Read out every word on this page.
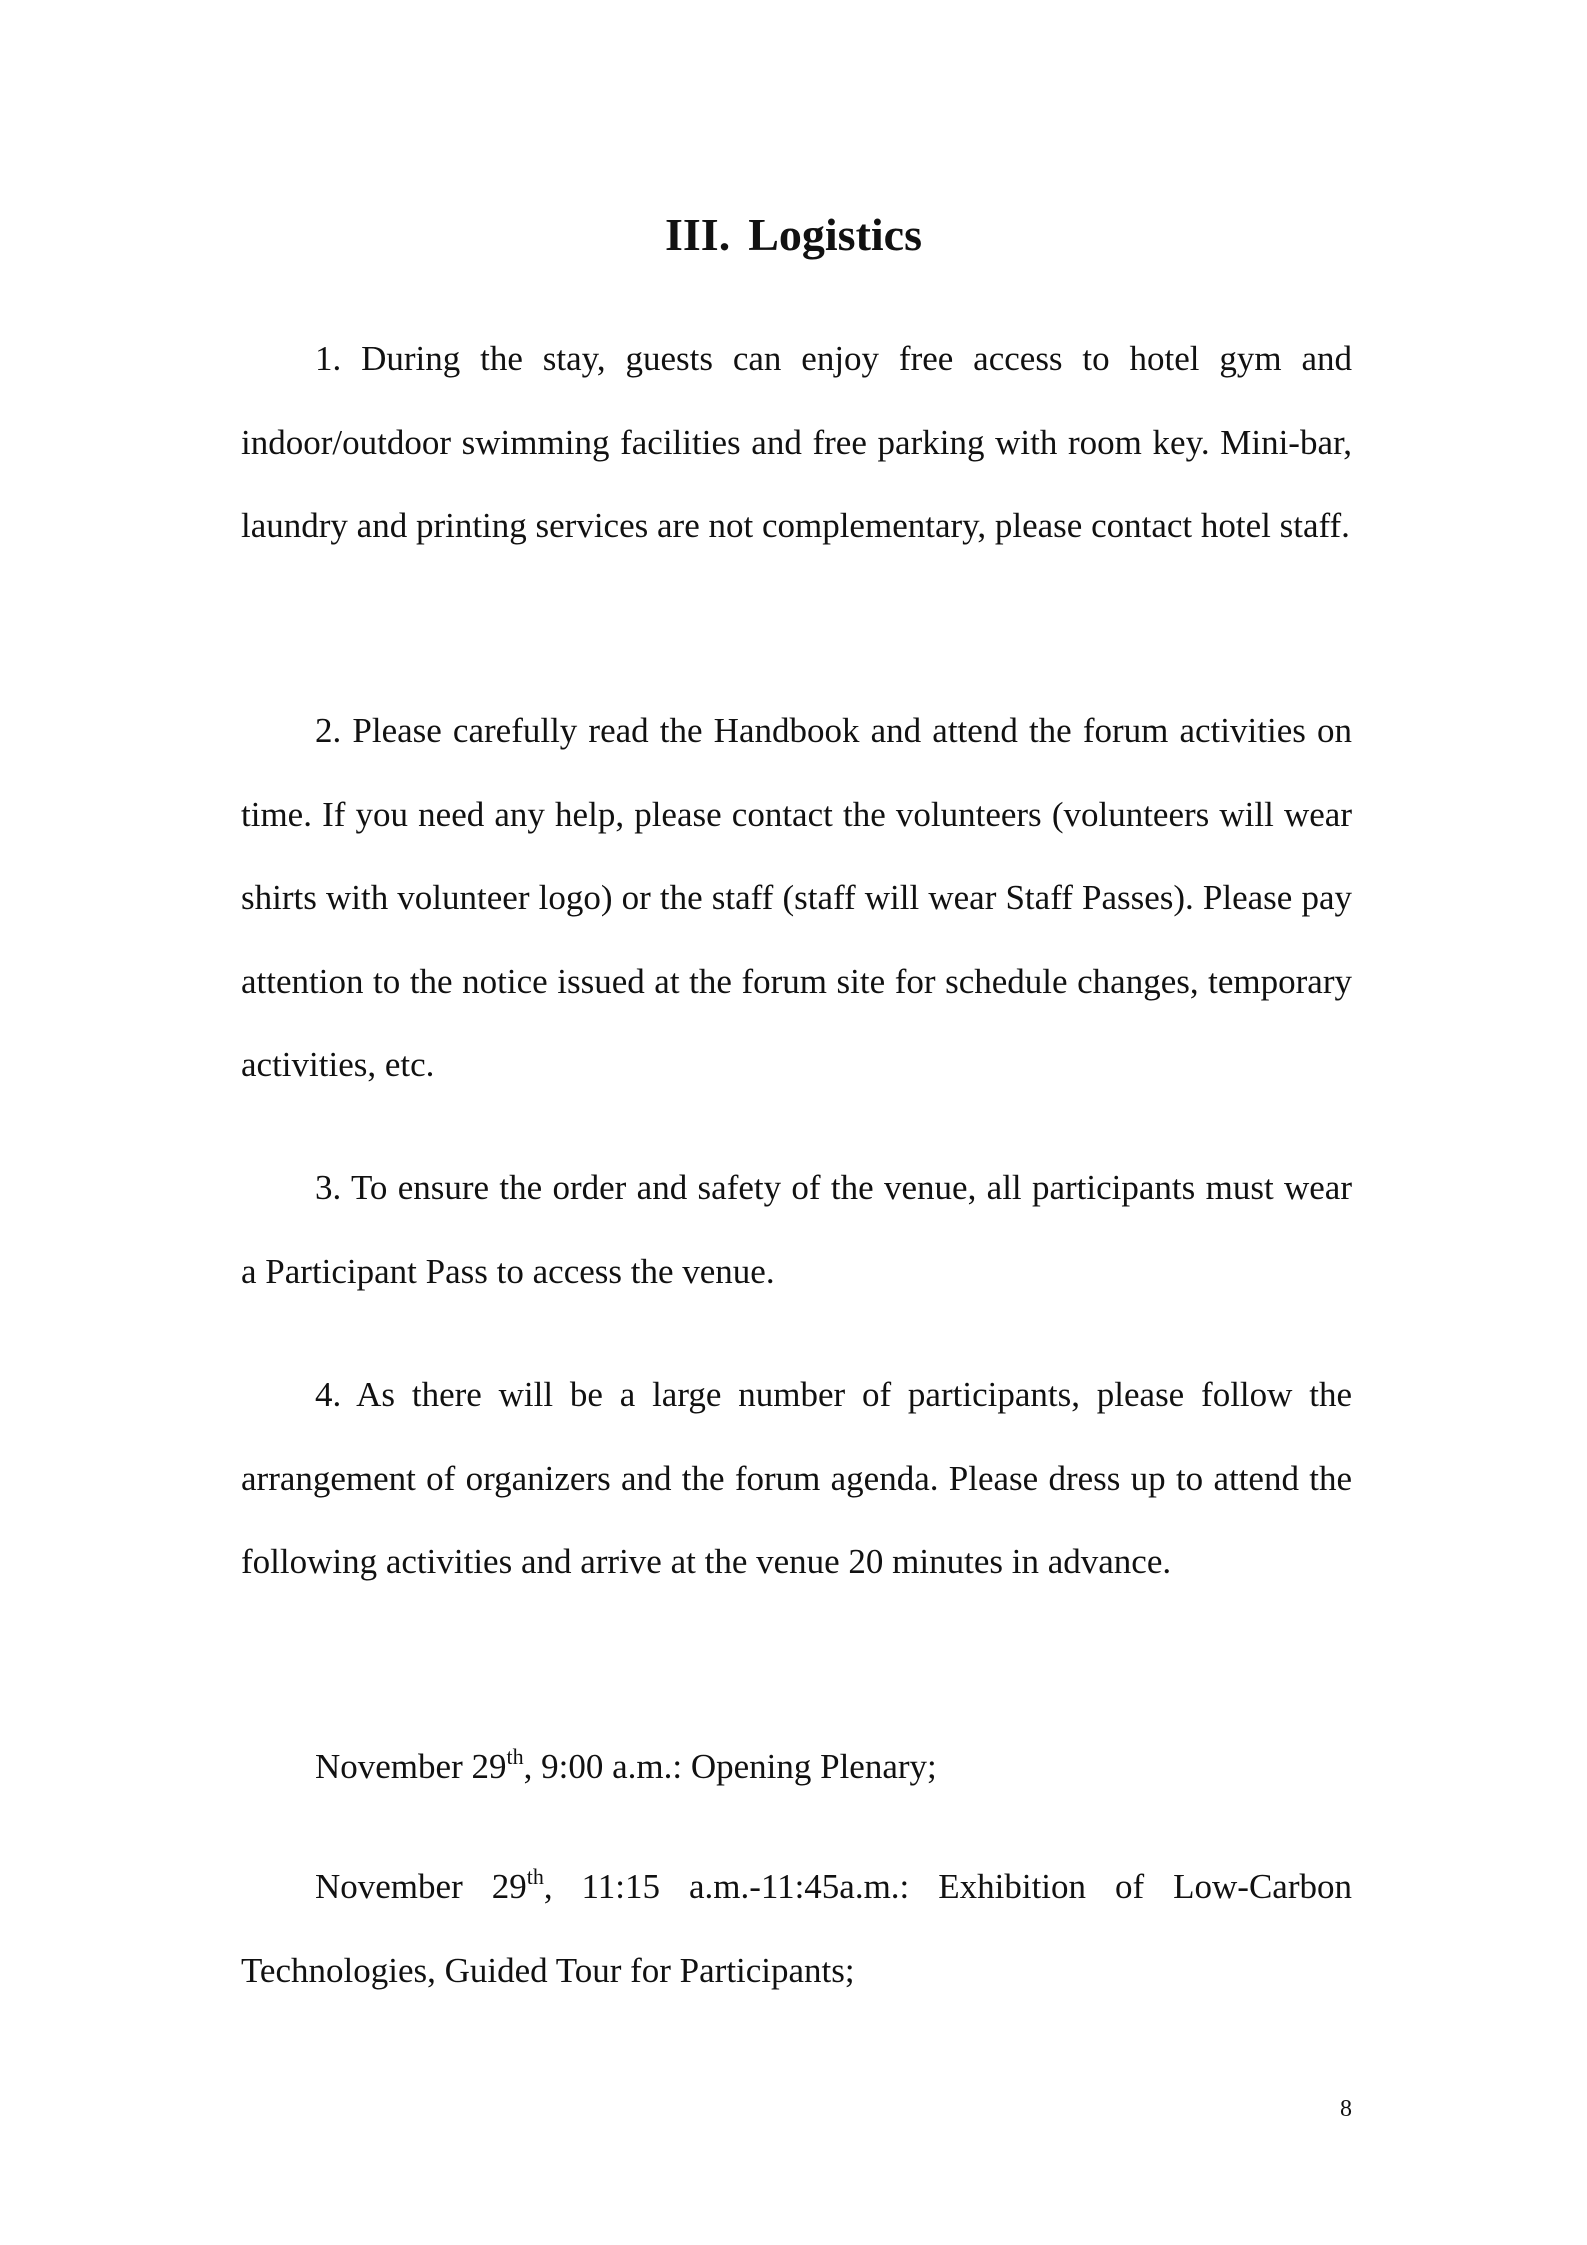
III. Logistics

1. During the stay, guests can enjoy free access to hotel gym and indoor/outdoor swimming facilities and free parking with room key. Mini-bar, laundry and printing services are not complementary, please contact hotel staff.

2. Please carefully read the Handbook and attend the forum activities on time. If you need any help, please contact the volunteers (volunteers will wear shirts with volunteer logo) or the staff (staff will wear Staff Passes). Please pay attention to the notice issued at the forum site for schedule changes, temporary activities, etc.

3. To ensure the order and safety of the venue, all participants must wear a Participant Pass to access the venue.

4. As there will be a large number of participants, please follow the arrangement of organizers and the forum agenda. Please dress up to attend the following activities and arrive at the venue 20 minutes in advance.

November 29th, 9:00 a.m.: Opening Plenary;

November 29th, 11:15 a.m.-11:45a.m.: Exhibition of Low-Carbon Technologies, Guided Tour for Participants;

8
